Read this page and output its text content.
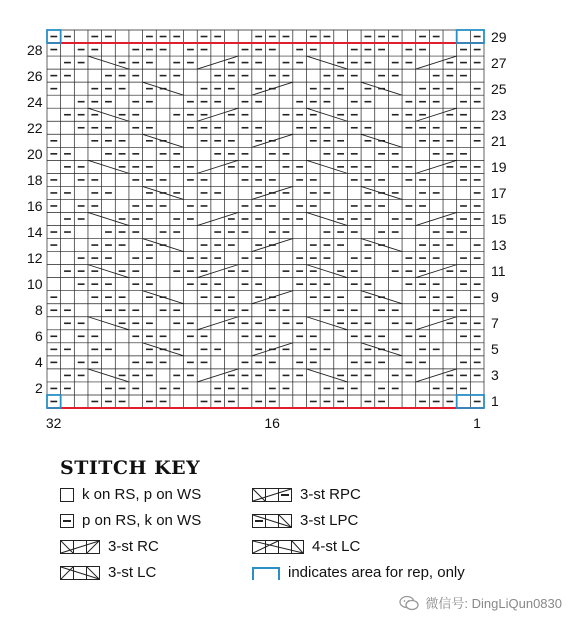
29
27
25
23
21
19
17
15
13
11
9
7
5
3
1
28
26
24
22
20
18
16
14
12
10
8
6
4
2
32	16	1
STITCH KEY
k on RS, p on WS
p on RS, k on WS
3-st RC
3-st LC
3-st RPC
3-st LPC
4-st LC
indicates area for rep, only
微信号: DingLiQun0830
